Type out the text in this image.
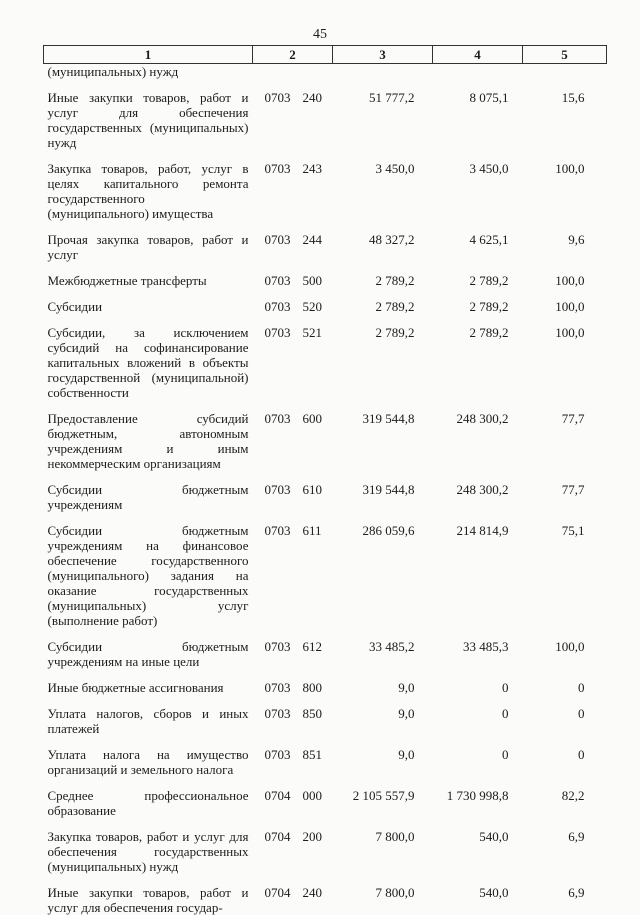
45
1	2	3	4	5
(муниципальных) нужд				

Иные закупки товаров, работ и услуг для обеспечения государственных (муниципальных) нужд	0703 240	51 777,2	8 075,1	15,6

Закупка товаров, работ, услуг в целях капитального ремонта государственного (муниципального) имущества	0703 243	3 450,0	3 450,0	100,0

Прочая закупка товаров, работ и услуг	0703 244	48 327,2	4 625,1	9,6

Межбюджетные трансферты	0703 500	2 789,2	2 789,2	100,0

Субсидии	0703 520	2 789,2	2 789,2	100,0

Субсидии, за исключением субсидий на софинансирование капитальных вложений в объекты государственной (муниципальной) собственности	0703 521	2 789,2	2 789,2	100,0

Предоставление субсидий бюджетным, автономным учреждениям и иным некоммерческим организациям	0703 600	319 544,8	248 300,2	77,7

Субсидии бюджетным учреждениям	0703 610	319 544,8	248 300,2	77,7

Субсидии бюджетным учреждениям на финансовое обеспечение государственного (муниципального) задания на оказание государственных (муниципальных) услуг (выполнение работ)	0703 611	286 059,6	214 814,9	75,1

Субсидии бюджетным учреждениям на иные цели	0703 612	33 485,2	33 485,3	100,0

Иные бюджетные ассигнования	0703 800	9,0	0	0

Уплата налогов, сборов и иных платежей	0703 850	9,0	0	0

Уплата налога на имущество организаций и земельного налога	0703 851	9,0	0	0

Среднее профессиональное образование	0704 000	2 105 557,9	1 730 998,8	82,2

Закупка товаров, работ и услуг для обеспечения государственных (муниципальных) нужд	0704 200	7 800,0	540,0	6,9

Иные закупки товаров, работ и услуг для обеспечения государ-	0704 240	7 800,0	540,0	6,9
